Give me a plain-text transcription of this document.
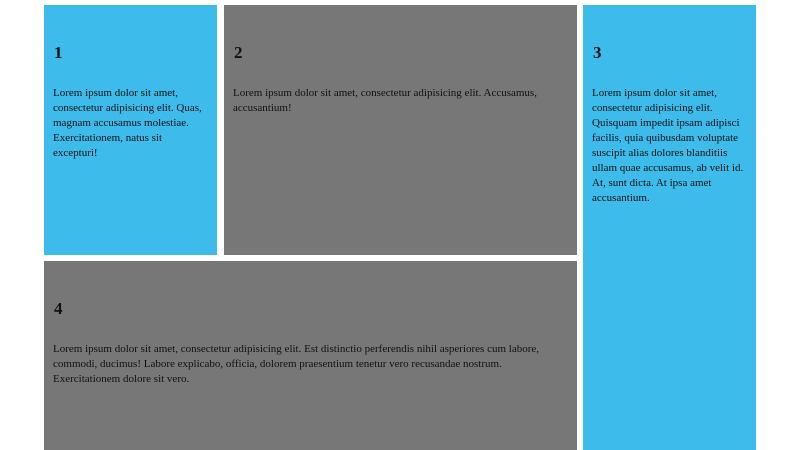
1

Lorem ipsum dolor sit amet, consectetur adipisicing elit. Quas, magnam accusamus molestiae. Exercitationem, natus sit excepturi!

2

Lorem ipsum dolor sit amet, consectetur adipisicing elit. Accusamus, accusantium!

3

Lorem ipsum dolor sit amet, consectetur adipisicing elit. Quisquam impedit ipsam adipisci facilis, quia quibusdam voluptate suscipit alias dolores blanditiis ullam quae accusamus, ab velit id. At, sunt dicta. At ipsa amet accusantium.

4

Lorem ipsum dolor sit amet, consectetur adipisicing elit. Est distinctio perferendis nihil asperiores cum labore, commodi, ducimus! Labore explicabo, officia, dolorem praesentium tenetur vero recusandae nostrum. Exercitationem dolore sit vero.
